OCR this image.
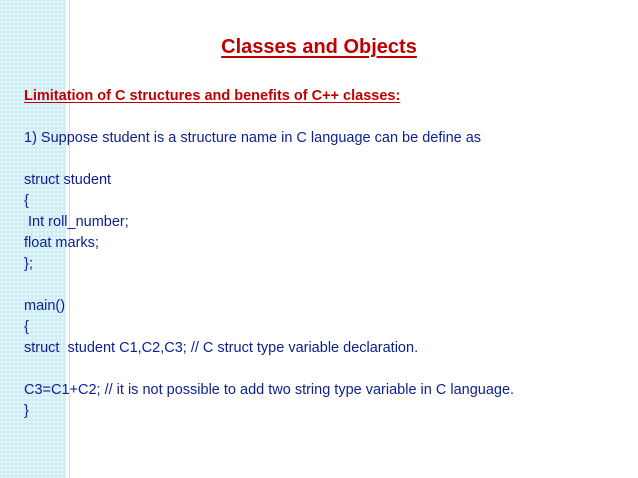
Classes and Objects
Limitation of C structures and benefits of C++ classes:
1) Suppose student is a structure name in C language can be define as
struct student
{
Int roll_number;
float marks;
};
main()
{
struct  student C1,C2,C3; // C struct type variable declaration.
C3=C1+C2; // it is not possible to add two string type variable in C language.
}
